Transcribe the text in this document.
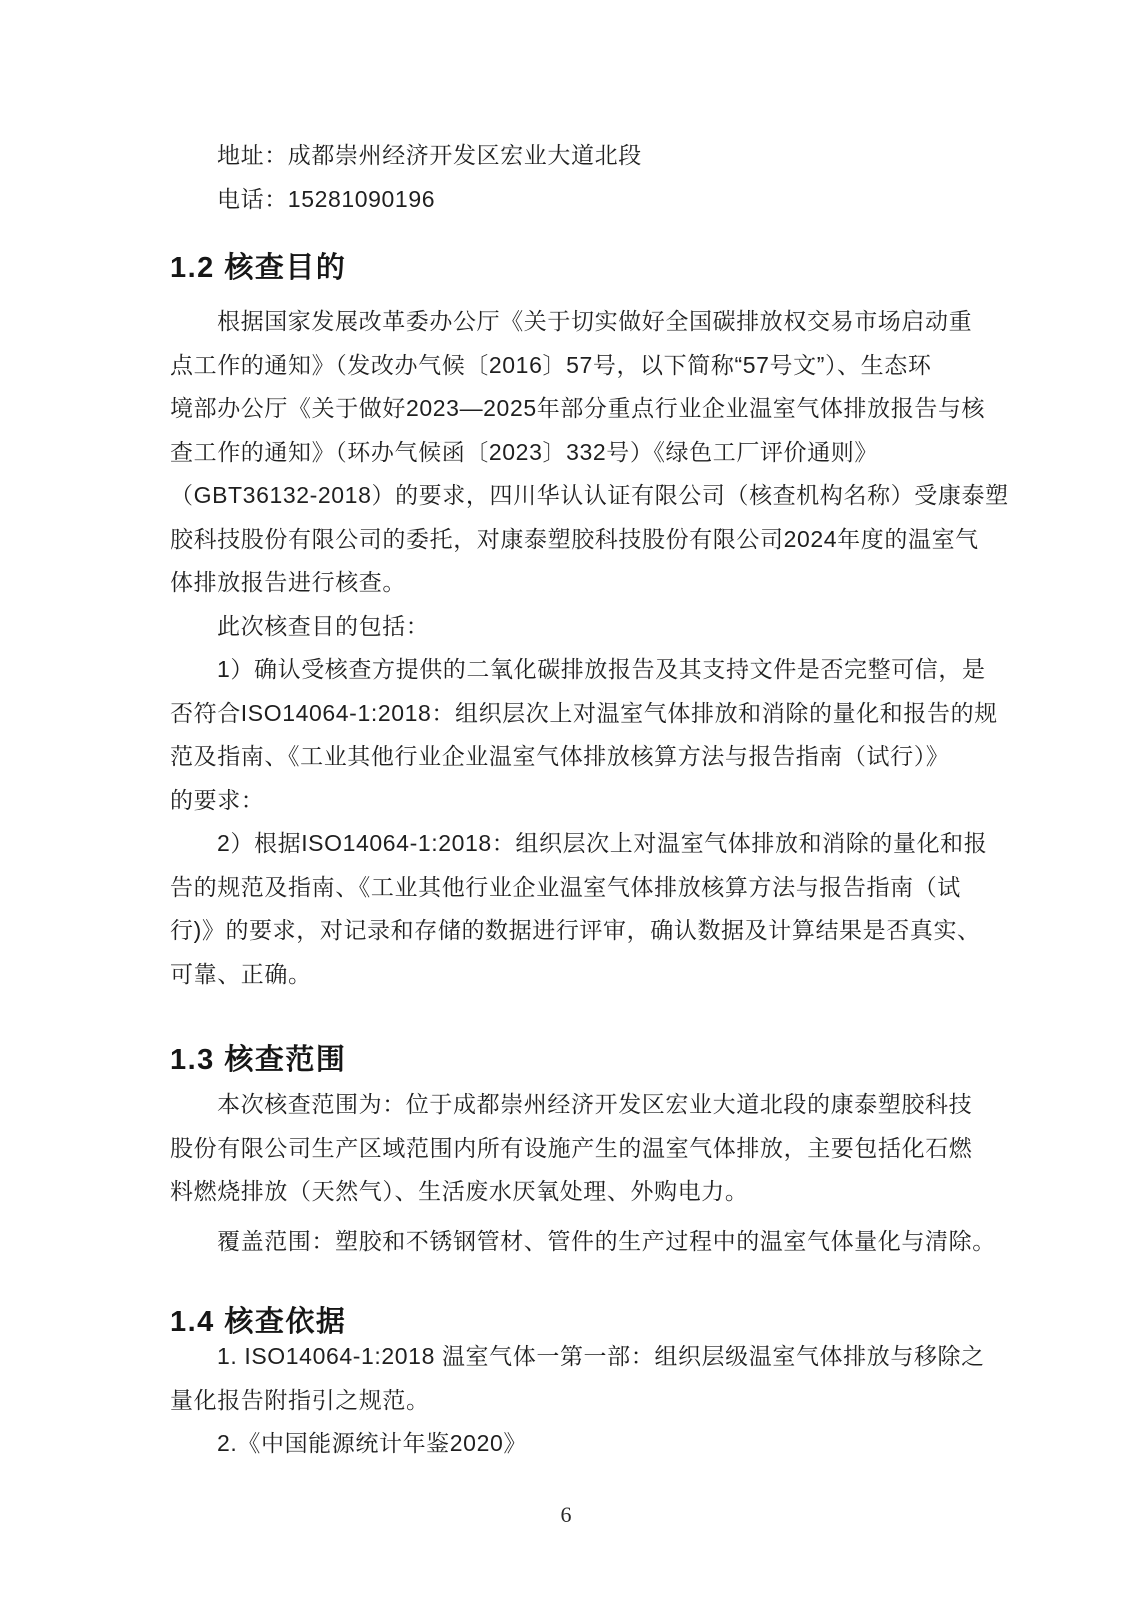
地址：成都崇州经济开发区宏业大道北段
电话：15281090196
1.2 核查目的
根据国家发展改革委办公厅《关于切实做好全国碳排放权交易市场启动重
点工作的通知》（发改办气候〔2016〕57号，以下简称“57号文”）、生态环
境部办公厅《关于做好2023—2025年部分重点行业企业温室气体排放报告与核
查工作的通知》（环办气候函〔2023〕332号）《绿色工厂评价通则》
（GBT36132-2018）的要求，四川华认认证有限公司（核查机构名称）受康泰塑
胶科技股份有限公司的委托，对康泰塑胶科技股份有限公司2024年度的温室气
体排放报告进行核查。
此次核查目的包括：
1）确认受核查方提供的二氧化碳排放报告及其支持文件是否完整可信，是
否符合ISO14064-1:2018：组织层次上对温室气体排放和消除的量化和报告的规
范及指南、《工业其他行业企业温室气体排放核算方法与报告指南（试行）》
的要求：
2）根据ISO14064-1:2018：组织层次上对温室气体排放和消除的量化和报
告的规范及指南、《工业其他行业企业温室气体排放核算方法与报告指南（试
行)》的要求，对记录和存储的数据进行评审，确认数据及计算结果是否真实、
可靠、正确。
1.3 核查范围
本次核查范围为：位于成都崇州经济开发区宏业大道北段的康泰塑胶科技
股份有限公司生产区域范围内所有设施产生的温室气体排放，主要包括化石燃
料燃烧排放（天然气）、生活废水厌氧处理、外购电力。
覆盖范围：塑胶和不锈钢管材、管件的生产过程中的温室气体量化与清除。
1.4 核查依据
1. ISO14064-1:2018 温室气体一第一部：组织层级温室气体排放与移除之
量化报告附指引之规范。
2.《中国能源统计年鉴2020》
6
